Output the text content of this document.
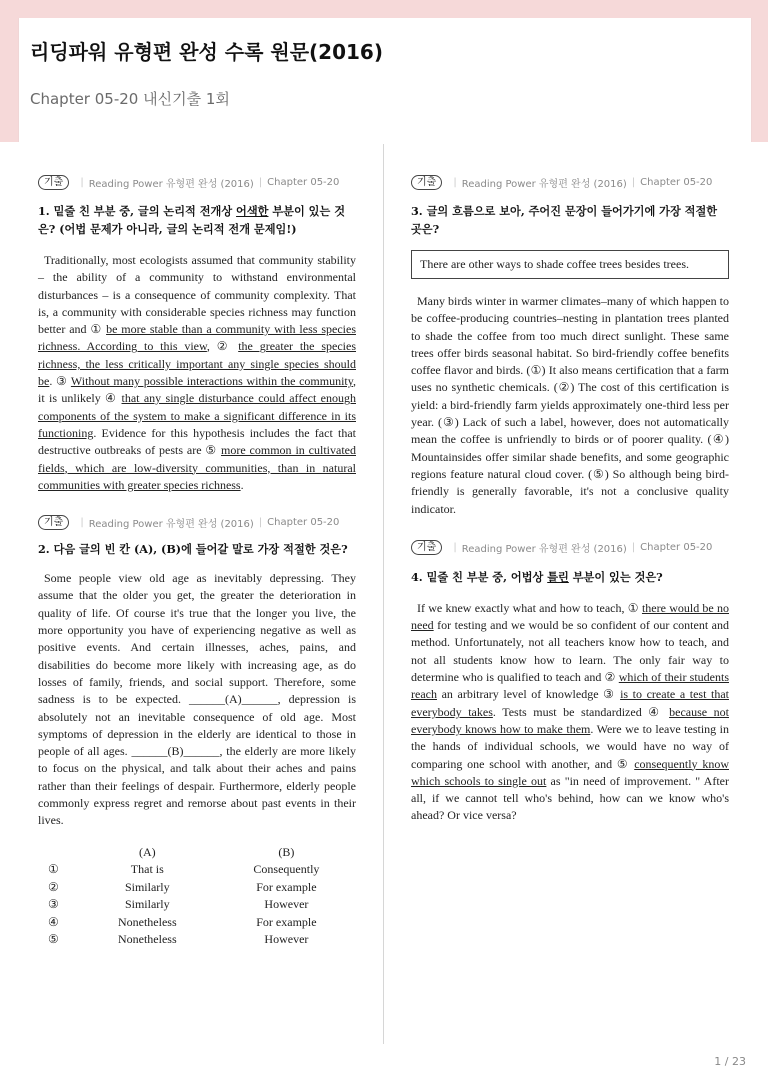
리딩파워 유형편 완성 수록 원문(2016)
Chapter 05-20 내신기출 1회
기출	| Reading Power 유형편 완성 (2016) | Chapter 05-20
1. 밑줄 친 부분 중, 글의 논리적 전개상 어색한 부분이 있는 것은? (어법 문제가 아니라, 글의 논리적 전개 문제임!)
Traditionally, most ecologists assumed that community stability – the ability of a community to withstand environmental disturbances – is a consequence of community complexity. That is, a community with considerable species richness may function better and ① be more stable than a community with less species richness. According to this view, ② the greater the species richness, the less critically important any single species should be. ③ Without many possible interactions within the community, it is unlikely ④ that any single disturbance could affect enough components of the system to make a significant difference in its functioning. Evidence for this hypothesis includes the fact that destructive outbreaks of pests are ⑤ more common in cultivated fields, which are low-diversity communities, than in natural communities with greater species richness.
기출	| Reading Power 유형편 완성 (2016) | Chapter 05-20
2. 다음 글의 빈 칸 (A), (B)에 들어갈 말로 가장 적절한 것은?
Some people view old age as inevitably depressing. They assume that the older you get, the greater the deterioration in quality of life. Of course it's true that the longer you live, the more opportunity you have of experiencing negative as well as positive events. And certain illnesses, aches, pains, and disabilities do become more likely with increasing age, as do losses of family, friends, and social support. Therefore, some sadness is to be expected. ______(A)______, depression is absolutely not an inevitable consequence of old age. Most symptoms of depression in the elderly are identical to those in people of all ages. ______(B)______, the elderly are more likely to focus on the physical, and talk about their aches and pains rather than their feelings of despair. Furthermore, elderly people commonly express regret and remorse about past events in their lives.
	(A)	(B)
①	That is	Consequently
②	Similarly	For example
③	Similarly	However
④	Nonetheless	For example
⑤	Nonetheless	However
기출	| Reading Power 유형편 완성 (2016) | Chapter 05-20
3. 글의 흐름으로 보아, 주어진 문장이 들어가기에 가장 적절한 곳은?
There are other ways to shade coffee trees besides trees.
Many birds winter in warmer climates–many of which happen to be coffee-producing countries–nesting in plantation trees planted to shade the coffee from too much direct sunlight. These same trees offer birds seasonal habitat. So bird-friendly coffee benefits coffee flavor and birds. (①) It also means certification that a farm uses no synthetic chemicals. (②) The cost of this certification is yield: a bird-friendly farm yields approximately one-third less per year. (③) Lack of such a label, however, does not automatically mean the coffee is unfriendly to birds or of poorer quality. (④) Mountainsides offer similar shade benefits, and some geographic regions feature natural cloud cover. (⑤) So although being bird-friendly is generally favorable, it's not a conclusive quality indicator.
기출	| Reading Power 유형편 완성 (2016) | Chapter 05-20
4. 밑줄 친 부분 중, 어법상 틀린 부분이 있는 것은?
If we knew exactly what and how to teach, ① there would be no need for testing and we would be so confident of our content and method. Unfortunately, not all teachers know how to teach, and not all students know how to learn. The only fair way to determine who is qualified to teach and ② which of their students reach an arbitrary level of knowledge ③ is to create a test that everybody takes. Tests must be standardized ④ because not everybody knows how to make them. Were we to leave testing in the hands of individual schools, we would have no way of comparing one school with another, and ⑤ consequently know which schools to single out as "in need of improvement. " After all, if we cannot tell who's behind, how can we know who's ahead? Or vice versa?
1 / 23
